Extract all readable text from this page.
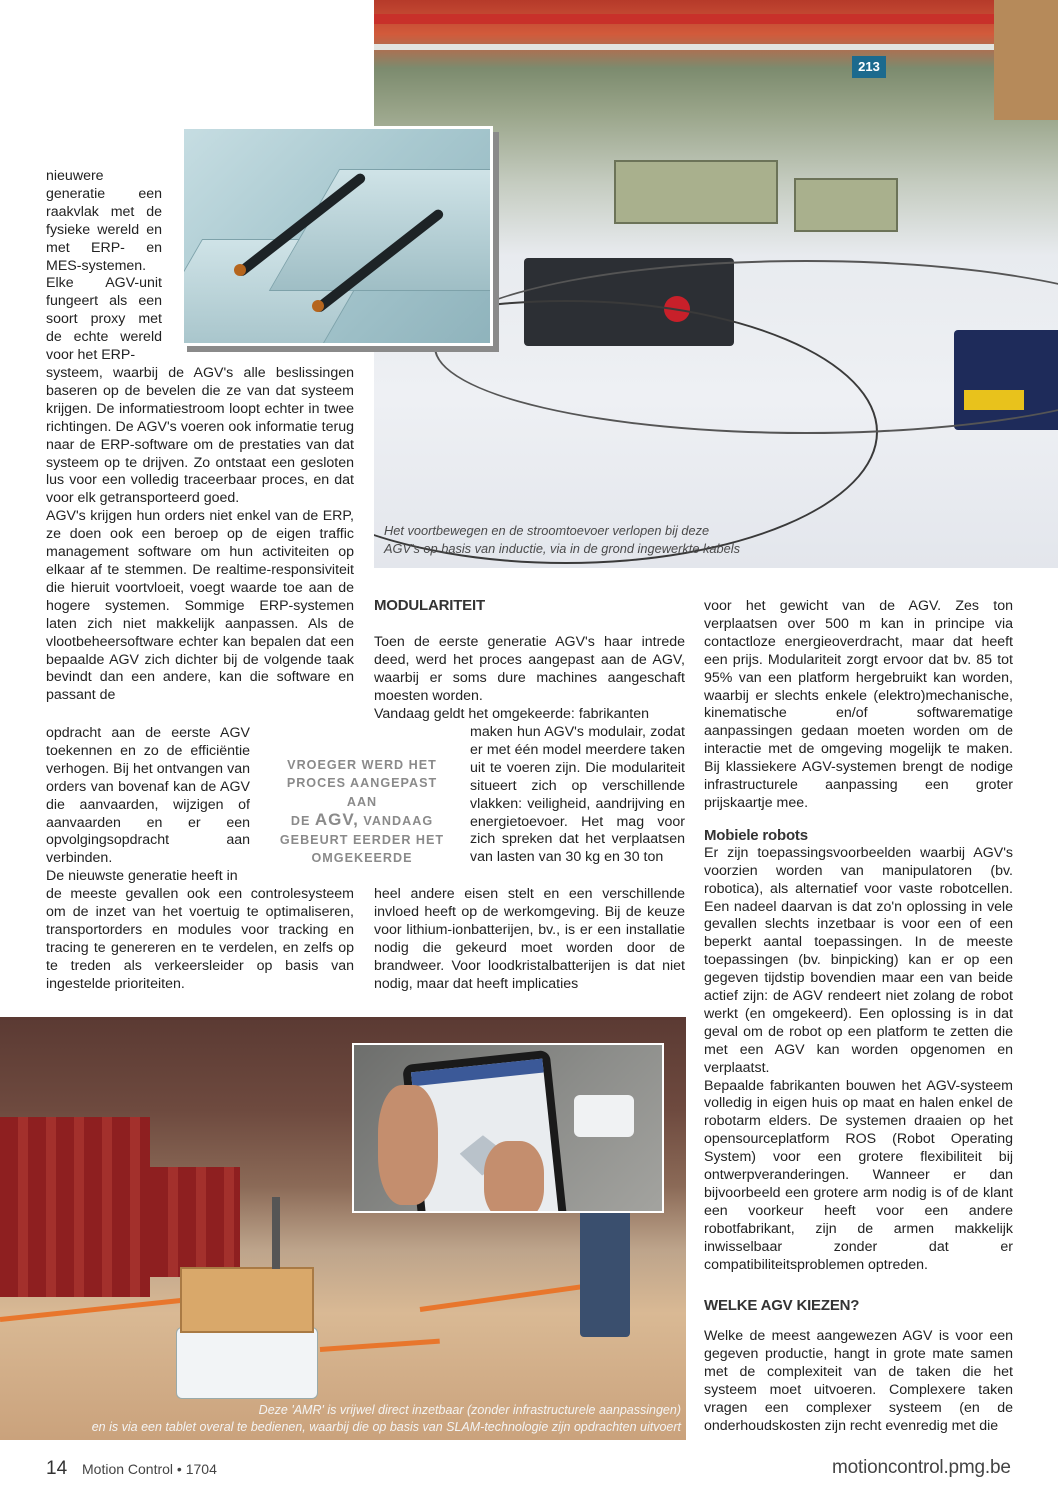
213
Het voortbewegen en de stroomtoevoer verlopen bij deze
AGV's op basis van inductie, via in de grond ingewerkte kabels
nieuwere generatie een raakvlak met de fysieke wereld en met ERP- en MES-systemen. Elke AGV-unit fungeert als een soort proxy met de echte wereld voor het ERP-

systeem, waarbij de AGV's alle beslissingen baseren op de bevelen die ze van dat systeem krijgen. De informatiestroom loopt echter in twee richtingen. De AGV's voeren ook informatie terug naar de ERP-software om de prestaties van dat systeem op te drijven. Zo ontstaat een gesloten lus voor een volledig traceerbaar proces, en dat voor elk getransporteerd goed.

AGV's krijgen hun orders niet enkel van de ERP, ze doen ook een beroep op de eigen traffic management software om hun activiteiten op elkaar af te stemmen. De realtime-responsiviteit die hieruit voortvloeit, voegt waarde toe aan de hogere systemen. Sommige ERP-systemen laten zich niet makkelijk aanpassen. Als de vlootbeheersoftware echter kan bepalen dat een bepaalde AGV zich dichter bij de volgende taak bevindt dan een andere, kan die software en passant de

opdracht aan de eerste AGV toekennen en zo de efficiëntie verhogen. Bij het ontvangen van orders van bovenaf kan de AGV die aanvaarden, wijzigen of aanvaarden en er een opvolgingsopdracht aan verbinden.

De nieuwste generatie heeft in

de meeste gevallen ook een controlesysteem om de inzet van het voertuig te optimaliseren, transportorders en modules voor tracking en tracing te genereren en te verdelen, en zelfs op te treden als verkeersleider op basis van ingestelde prioriteiten.
VROEGER WERD HET
PROCES AANGEPAST AAN
DE AGV, VANDAAG
GEBEURT EERDER HET
OMGEKEERDE
MODULARITEIT

Toen de eerste generatie AGV's haar intrede deed, werd het proces aangepast aan de AGV, waarbij er soms dure machines aangeschaft moesten worden.

Vandaag geldt het omgekeerde: fabrikanten

maken hun AGV's modulair, zodat er met één model meerdere taken uit te voeren zijn. Die modulariteit situeert zich op verschillende vlakken: veiligheid, aandrijving en energietoevoer. Het mag voor zich spreken dat het verplaatsen van lasten van 30 kg en 30 ton
heel andere eisen stelt en een verschillende invloed heeft op de werkomgeving. Bij de keuze voor lithium-ionbatterijen, bv., is er een installatie nodig die gekeurd moet worden door de brandweer. Voor loodkristalbatterijen is dat niet nodig, maar dat heeft implicaties

voor het gewicht van de AGV. Zes ton verplaatsen over 500 m kan in principe via contactloze energieoverdracht, maar dat heeft een prijs. Modulariteit zorgt ervoor dat bv. 85 tot 95% van een platform hergebruikt kan worden, waarbij er slechts enkele (elektro)mechanische, kinematische en/of softwarematige aanpassingen gedaan moeten worden om de interactie met de omgeving mogelijk te maken. Bij klassiekere AGV-systemen brengt de nodige infrastructurele aanpassing een groter prijskaartje mee.

Mobiele robots

Er zijn toepassingsvoorbeelden waarbij AGV's voorzien worden van manipulatoren (bv. robotica), als alternatief voor vaste robotcellen. Een nadeel daarvan is dat zo'n oplossing in vele gevallen slechts inzetbaar is voor een of een beperkt aantal toepassingen. In de meeste toepassingen (bv. binpicking) kan er op een gegeven tijdstip bovendien maar een van beide actief zijn: de AGV rendeert niet zolang de robot werkt (en omgekeerd). Een oplossing is in dat geval om de robot op een platform te zetten die met een AGV kan worden opgenomen en verplaatst.

Bepaalde fabrikanten bouwen het AGV-systeem volledig in eigen huis op maat en halen enkel de robotarm elders. De systemen draaien op het opensourceplatform ROS (Robot Operating System) voor een grotere flexibiliteit bij ontwerpveranderingen. Wanneer er dan bijvoorbeeld een grotere arm nodig is of de klant een voorkeur heeft voor een andere robotfabrikant, zijn de armen makkelijk inwisselbaar zonder dat er compatibiliteitsproblemen optreden.

WELKE AGV KIEZEN?

Welke de meest aangewezen AGV is voor een gegeven productie, hangt in grote mate samen met de complexiteit van de taken die het systeem moet uitvoeren. Complexere taken vragen een complexer systeem (en de onderhoudskosten zijn recht evenredig met die

Deze 'AMR' is vrijwel direct inzetbaar (zonder infrastructurele aanpassingen)
en is via een tablet overal te bedienen, waarbij die op basis van SLAM-technologie zijn opdrachten uitvoert
14 Motion Control • 1704	motioncontrol.pmg.be
